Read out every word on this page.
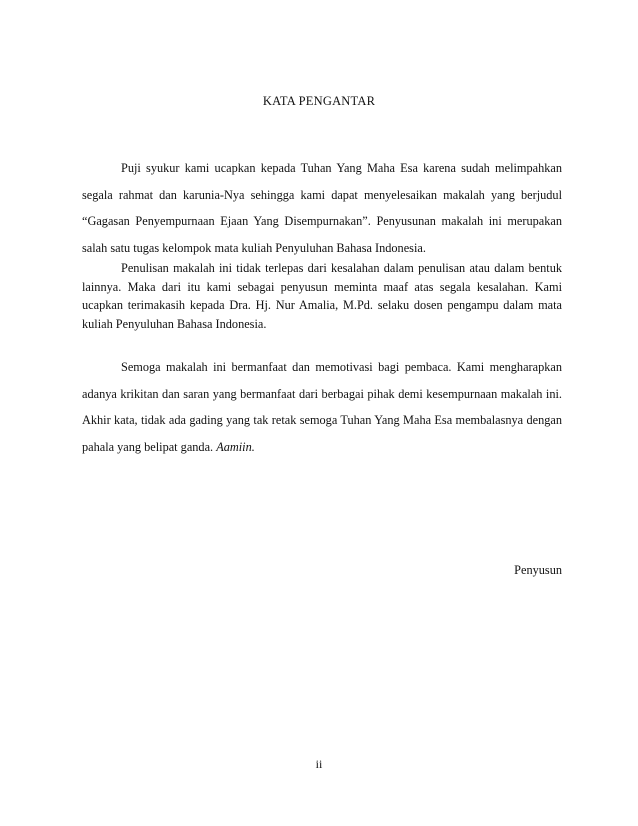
KATA PENGANTAR

Puji syukur kami ucapkan kepada Tuhan Yang Maha Esa karena sudah melimpahkan segala rahmat dan karunia-Nya sehingga kami dapat menyelesaikan makalah yang berjudul “Gagasan Penyempurnaan Ejaan Yang Disempurnakan”. Penyusunan makalah ini merupakan salah satu tugas kelompok mata kuliah Penyuluhan Bahasa Indonesia.

Penulisan makalah ini tidak terlepas dari kesalahan dalam penulisan atau dalam bentuk lainnya. Maka dari itu kami sebagai penyusun meminta maaf atas segala kesalahan. Kami ucapkan terimakasih kepada Dra. Hj. Nur Amalia, M.Pd. selaku dosen pengampu dalam mata kuliah Penyuluhan Bahasa Indonesia.

Semoga makalah ini bermanfaat dan memotivasi bagi pembaca. Kami mengharapkan adanya krikitan dan saran yang bermanfaat dari berbagai pihak demi kesempurnaan makalah ini. Akhir kata, tidak ada gading yang tak retak semoga Tuhan Yang Maha Esa membalasnya dengan pahala yang belipat ganda. Aamiin.

Penyusun
ii
